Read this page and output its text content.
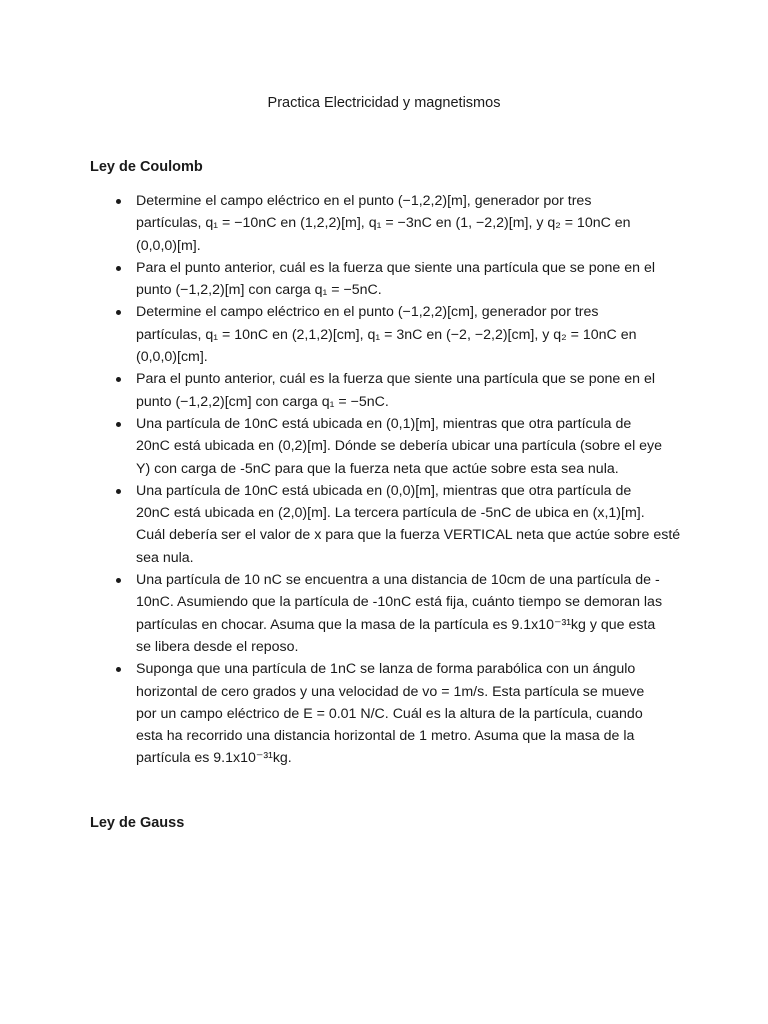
Practica Electricidad y magnetismos
Ley de Coulomb
Determine el campo eléctrico en el punto (−1,2,2)[m], generador por tres
partículas, q₁ = −10nC en (1,2,2)[m], q₁ = −3nC en (1, −2,2)[m], y q₂ = 10nC en
(0,0,0)[m].
Para el punto anterior, cuál es la fuerza que siente una partícula que se pone en el
punto (−1,2,2)[m] con carga q₁ = −5nC.
Determine el campo eléctrico en el punto (−1,2,2)[cm], generador por tres
partículas, q₁ = 10nC en (2,1,2)[cm], q₁ = 3nC en (−2, −2,2)[cm], y q₂ = 10nC en
(0,0,0)[cm].
Para el punto anterior, cuál es la fuerza que siente una partícula que se pone en el
punto (−1,2,2)[cm] con carga q₁ = −5nC.
Una partícula de 10nC está ubicada en (0,1)[m], mientras que otra partícula de
20nC está ubicada en (0,2)[m]. Dónde se debería ubicar una partícula (sobre el eye
Y) con carga de -5nC para que la fuerza neta que actúe sobre esta sea nula.
Una partícula de 10nC está ubicada en (0,0)[m], mientras que otra partícula de
20nC está ubicada en (2,0)[m]. La tercera partícula de -5nC de ubica en (x,1)[m].
Cuál debería ser el valor de x para que la fuerza VERTICAL neta que actúe sobre esté
sea nula.
Una partícula de 10 nC se encuentra a una distancia de 10cm de una partícula de -
10nC. Asumiendo que la partícula de -10nC está fija, cuánto tiempo se demoran las
partículas en chocar. Asuma que la masa de la partícula es 9.1x10⁻³¹kg y que esta
se libera desde el reposo.
Suponga que una partícula de 1nC se lanza de forma parabólica con un ángulo
horizontal de cero grados y una velocidad de vo = 1m/s. Esta partícula se mueve
por un campo eléctrico de E = 0.01 N/C. Cuál es la altura de la partícula, cuando
esta ha recorrido una distancia horizontal de 1 metro. Asuma que la masa de la
partícula es 9.1x10⁻³¹kg.
Ley de Gauss
